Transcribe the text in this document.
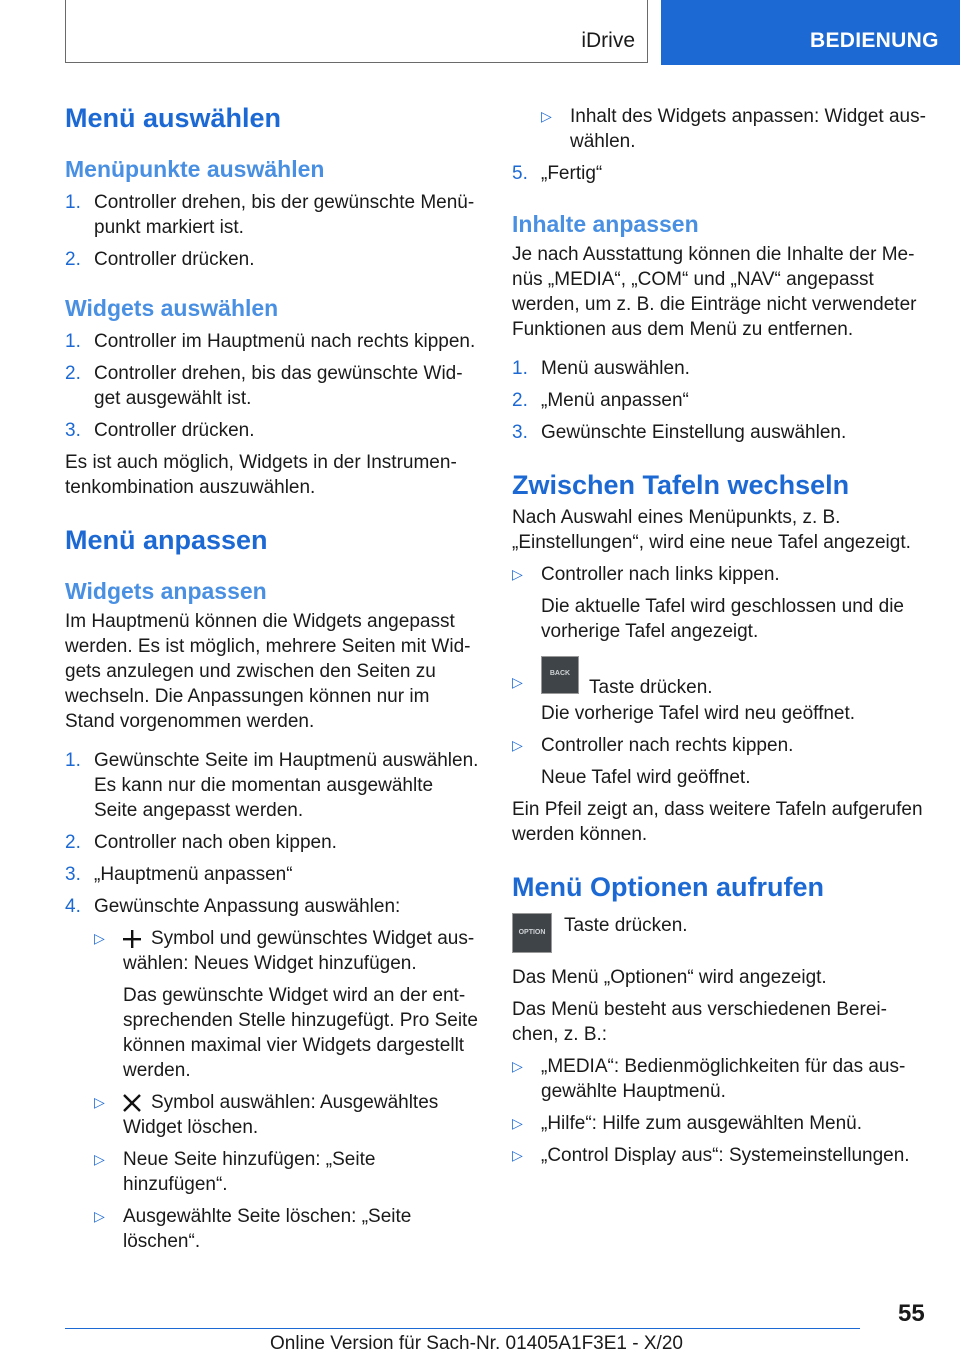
iDrive	BEDIENUNG
Menü auswählen
Menüpunkte auswählen
1. Controller drehen, bis der gewünschte Menüpunkt markiert ist.
2. Controller drücken.
Widgets auswählen
1. Controller im Hauptmenü nach rechts kippen.
2. Controller drehen, bis das gewünschte Widget ausgewählt ist.
3. Controller drücken.

Es ist auch möglich, Widgets in der Instrumentenkombination auszuwählen.

Menü anpassen
Widgets anpassen

Im Hauptmenü können die Widgets angepasst werden. Es ist möglich, mehrere Seiten mit Widgets anzulegen und zwischen den Seiten zu wechseln. Die Anpassungen können nur im Stand vorgenommen werden.

1. Gewünschte Seite im Hauptmenü auswählen.
Es kann nur die momentan ausgewählte Seite angepasst werden.
2. Controller nach oben kippen.
3. „Hauptmenü anpassen“
4. Gewünschte Anpassung auswählen:
▷ Symbol und gewünschtes Widget auswählen: Neues Widget hinzufügen.

Das gewünschte Widget wird an der entsprechenden Stelle hinzugefügt. Pro Seite können maximal vier Widgets dargestellt werden.

▷ Symbol auswählen: Ausgewähltes Widget löschen.
▷ Neue Seite hinzufügen: „Seite hinzufügen“.
▷ Ausgewählte Seite löschen: „Seite löschen“.
▷ Inhalt des Widgets anpassen: Widget auswählen.
5. „Fertig“
Inhalte anpassen

Je nach Ausstattung können die Inhalte der Menüs „MEDIA“, „COM“ und „NAV“ angepasst werden, um z. B. die Einträge nicht verwendeter Funktionen aus dem Menü zu entfernen.

1. Menü auswählen.
2. „Menü anpassen“
3. Gewünschte Einstellung auswählen.
Zwischen Tafeln wechseln

Nach Auswahl eines Menüpunkts, z. B. „Einstellungen“, wird eine neue Tafel angezeigt.

▷ Controller nach links kippen.

Die aktuelle Tafel wird geschlossen und die vorherige Tafel angezeigt.

▷
BACKTaste drücken.

Die vorherige Tafel wird neu geöffnet.

▷ Controller nach rechts kippen.

Neue Tafel wird geöffnet.

Ein Pfeil zeigt an, dass weitere Tafeln aufgerufen werden können.

Menü Optionen aufrufen
OPTION Taste drücken.

Das Menü „Optionen“ wird angezeigt.

Das Menü besteht aus verschiedenen Bereichen, z. B.:

▷ „MEDIA“: Bedienmöglichkeiten für das ausgewählte Hauptmenü.
▷ „Hilfe“: Hilfe zum ausgewählten Menü.
▷ „Control Display aus“: Systemeinstellungen.
55
Online Version für Sach-Nr. 01405A1F3E1 - X/20
